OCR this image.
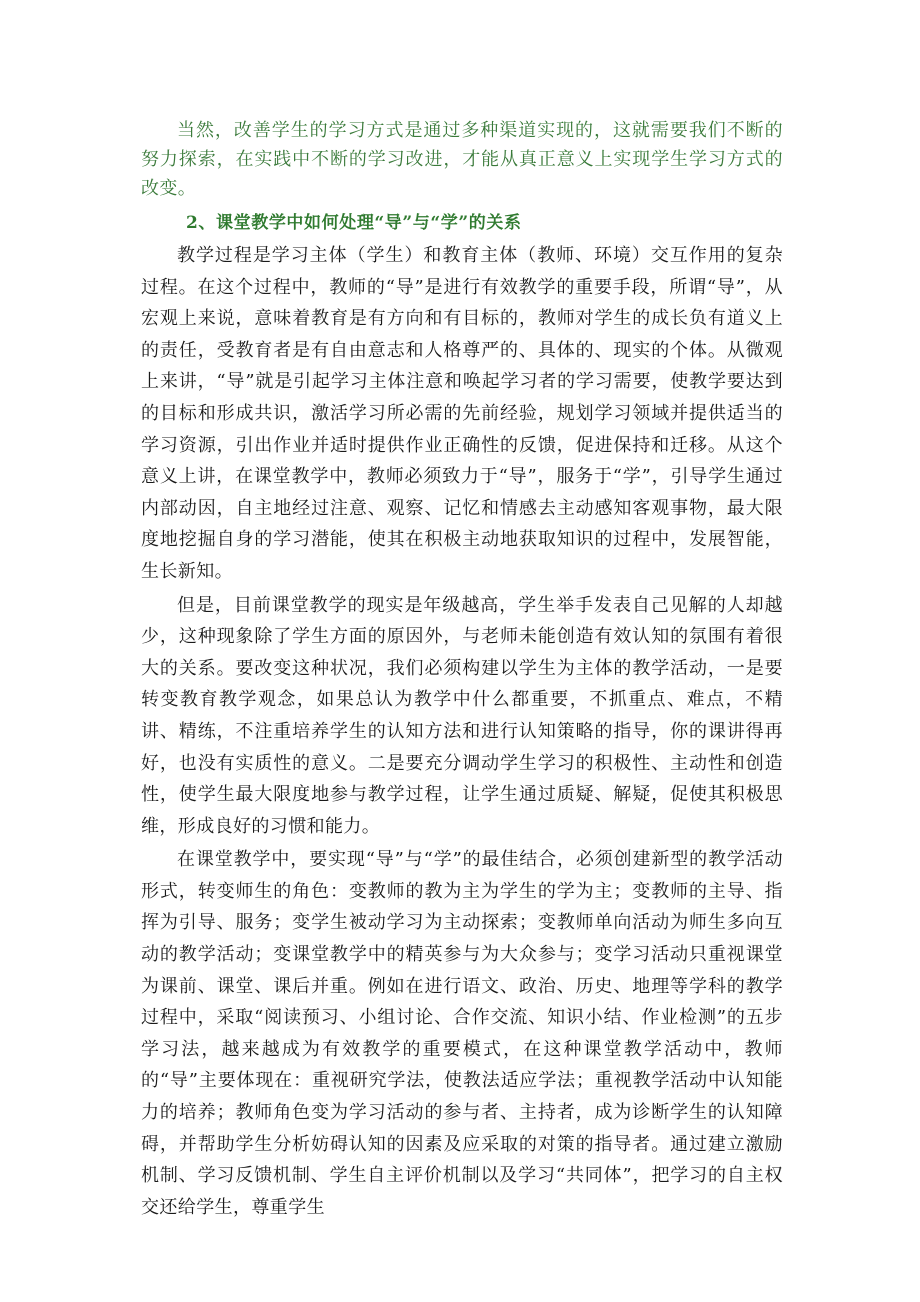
当然，改善学生的学习方式是通过多种渠道实现的，这就需要我们不断的努力探索，在实践中不断的学习改进，才能从真正意义上实现学生学习方式的改变。

2、课堂教学中如何处理“导”与“学”的关系

教学过程是学习主体（学生）和教育主体（教师、环境）交互作用的复杂过程。在这个过程中，教师的“导”是进行有效教学的重要手段，所谓“导”，从宏观上来说，意味着教育是有方向和有目标的，教师对学生的成长负有道义上的责任，受教育者是有自由意志和人格尊严的、具体的、现实的个体。从微观上来讲，“导”就是引起学习主体注意和唤起学习者的学习需要，使教学要达到的目标和形成共识，激活学习所必需的先前经验，规划学习领域并提供适当的学习资源，引出作业并适时提供作业正确性的反馈，促进保持和迁移。从这个意义上讲，在课堂教学中，教师必须致力于“导”，服务于“学”，引导学生通过内部动因，自主地经过注意、观察、记忆和情感去主动感知客观事物，最大限度地挖掘自身的学习潜能，使其在积极主动地获取知识的过程中，发展智能，生长新知。

但是，目前课堂教学的现实是年级越高，学生举手发表自己见解的人却越少，这种现象除了学生方面的原因外，与老师未能创造有效认知的氛围有着很大的关系。要改变这种状况，我们必须构建以学生为主体的教学活动，一是要转变教育教学观念，如果总认为教学中什么都重要，不抓重点、难点，不精讲、精练，不注重培养学生的认知方法和进行认知策略的指导，你的课讲得再好，也没有实质性的意义。二是要充分调动学生学习的积极性、主动性和创造性，使学生最大限度地参与教学过程，让学生通过质疑、解疑，促使其积极思维，形成良好的习惯和能力。

在课堂教学中，要实现“导”与“学”的最佳结合，必须创建新型的教学活动形式，转变师生的角色：变教师的教为主为学生的学为主；变教师的主导、指挥为引导、服务；变学生被动学习为主动探索；变教师单向活动为师生多向互动的教学活动；变课堂教学中的精英参与为大众参与；变学习活动只重视课堂为课前、课堂、课后并重。例如在进行语文、政治、历史、地理等学科的教学过程中，采取“阅读预习、小组讨论、合作交流、知识小结、作业检测”的五步学习法，越来越成为有效教学的重要模式，在这种课堂教学活动中，教师的“导”主要体现在：重视研究学法，使教法适应学法；重视教学活动中认知能力的培养；教师角色变为学习活动的参与者、主持者，成为诊断学生的认知障碍，并帮助学生分析妨碍认知的因素及应采取的对策的指导者。通过建立激励机制、学习反馈机制、学生自主评价机制以及学习“共同体”，把学习的自主权交还给学生，尊重学生
